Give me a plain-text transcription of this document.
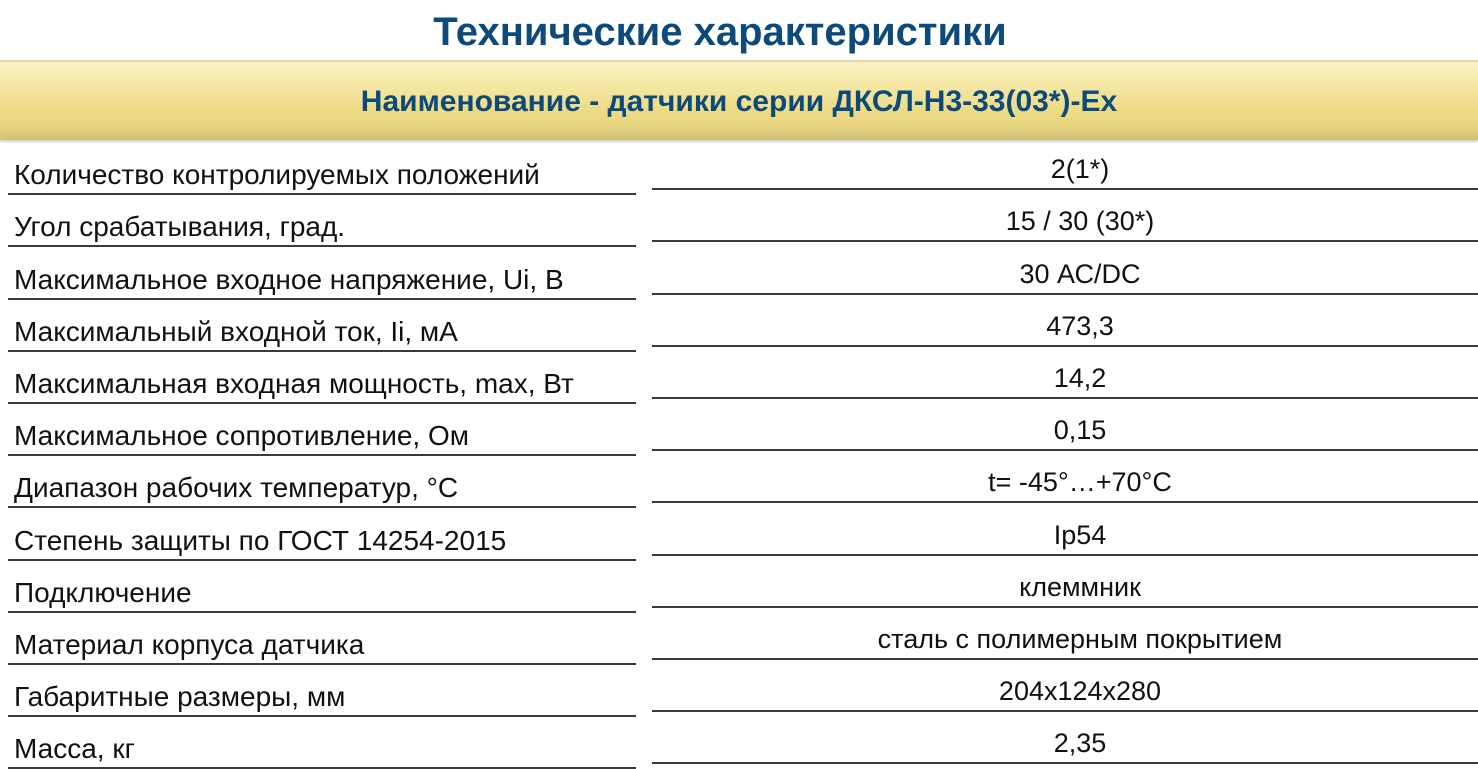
Технические характеристики
Наименование - датчики серии ДКСЛ-Н3-33(03*)-Ех
Количество контролируемых положений	2(1*)
Угол срабатывания, град.	15 / 30 (30*)
Максимальное входное напряжение, Ui, В	30 АС/DC
Максимальный входной ток, Ii, мА	473,3
Максимальная входная мощность, max, Вт	14,2
Максимальное сопротивление, Ом	0,15
Диапазон рабочих температур, °С	t= -45°…+70°С
Степень защиты по ГОСТ 14254-2015	Ip54
Подключение	клеммник
Материал корпуса датчика	сталь с полимерным покрытием
Габаритные размеры, мм	204х124х280
Масса, кг	2,35
